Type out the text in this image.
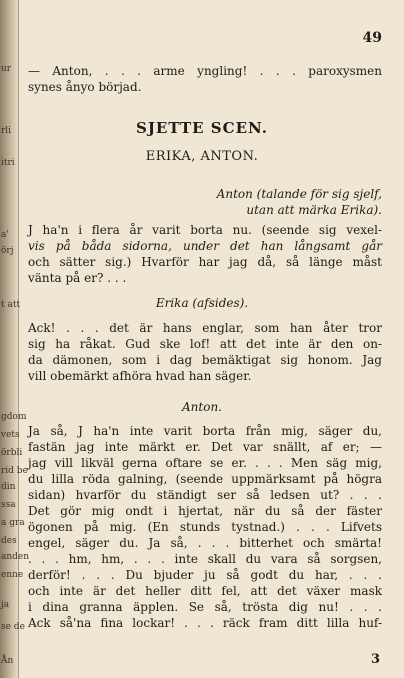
ur
rli
itri
a'
örj
t att
gdom
vets
örbli
rid be
din
ssa
a gra
des
anden
enne
ja
se de
Ån
49
— Anton, . . . arme yngling! . . . paroxysmen
synes ånyo börjad.
SJETTE SCEN.
ERIKA, ANTON.
Anton (talande för sig sjelf,
utan att märka Erika).
J ha'n i flera år varit borta nu. (seende sig vexel-
vis på båda sidorna, under det han långsamt går
och sätter sig.) Hvarför har jag då, så länge måst
vänta på er? . . .
Erika (afsides).
Ack! . . . det är hans englar, som han åter tror
sig ha råkat. Gud ske lof! att det inte är den on-
da dämonen, som i dag bemäktigat sig honom. Jag
vill obemärkt afhöra hvad han säger.
Anton.
Ja så, J ha'n inte varit borta från mig, säger du,
fastän jag inte märkt er. Det var snällt, af er; —
jag vill likväl gerna oftare se er. . . . Men säg mig,
du lilla röda galning, (seende uppmärksamt på högra
sidan) hvarför du ständigt ser så ledsen ut? . . .
Det gör mig ondt i hjertat, när du så der fäster
ögonen på mig. (En stunds tystnad.) . . . Lifvets
engel, säger du. Ja så, . . . bitterhet och smärta!
. . . hm, hm, . . . inte skall du vara så sorgsen,
derför! . . . Du bjuder ju så godt du har, . . .
och inte är det heller ditt fel, att det växer mask
i dina granna äpplen. Se så, trösta dig nu! . . .
Ack så'na fina lockar! . . . räck fram ditt lilla huf-
3
